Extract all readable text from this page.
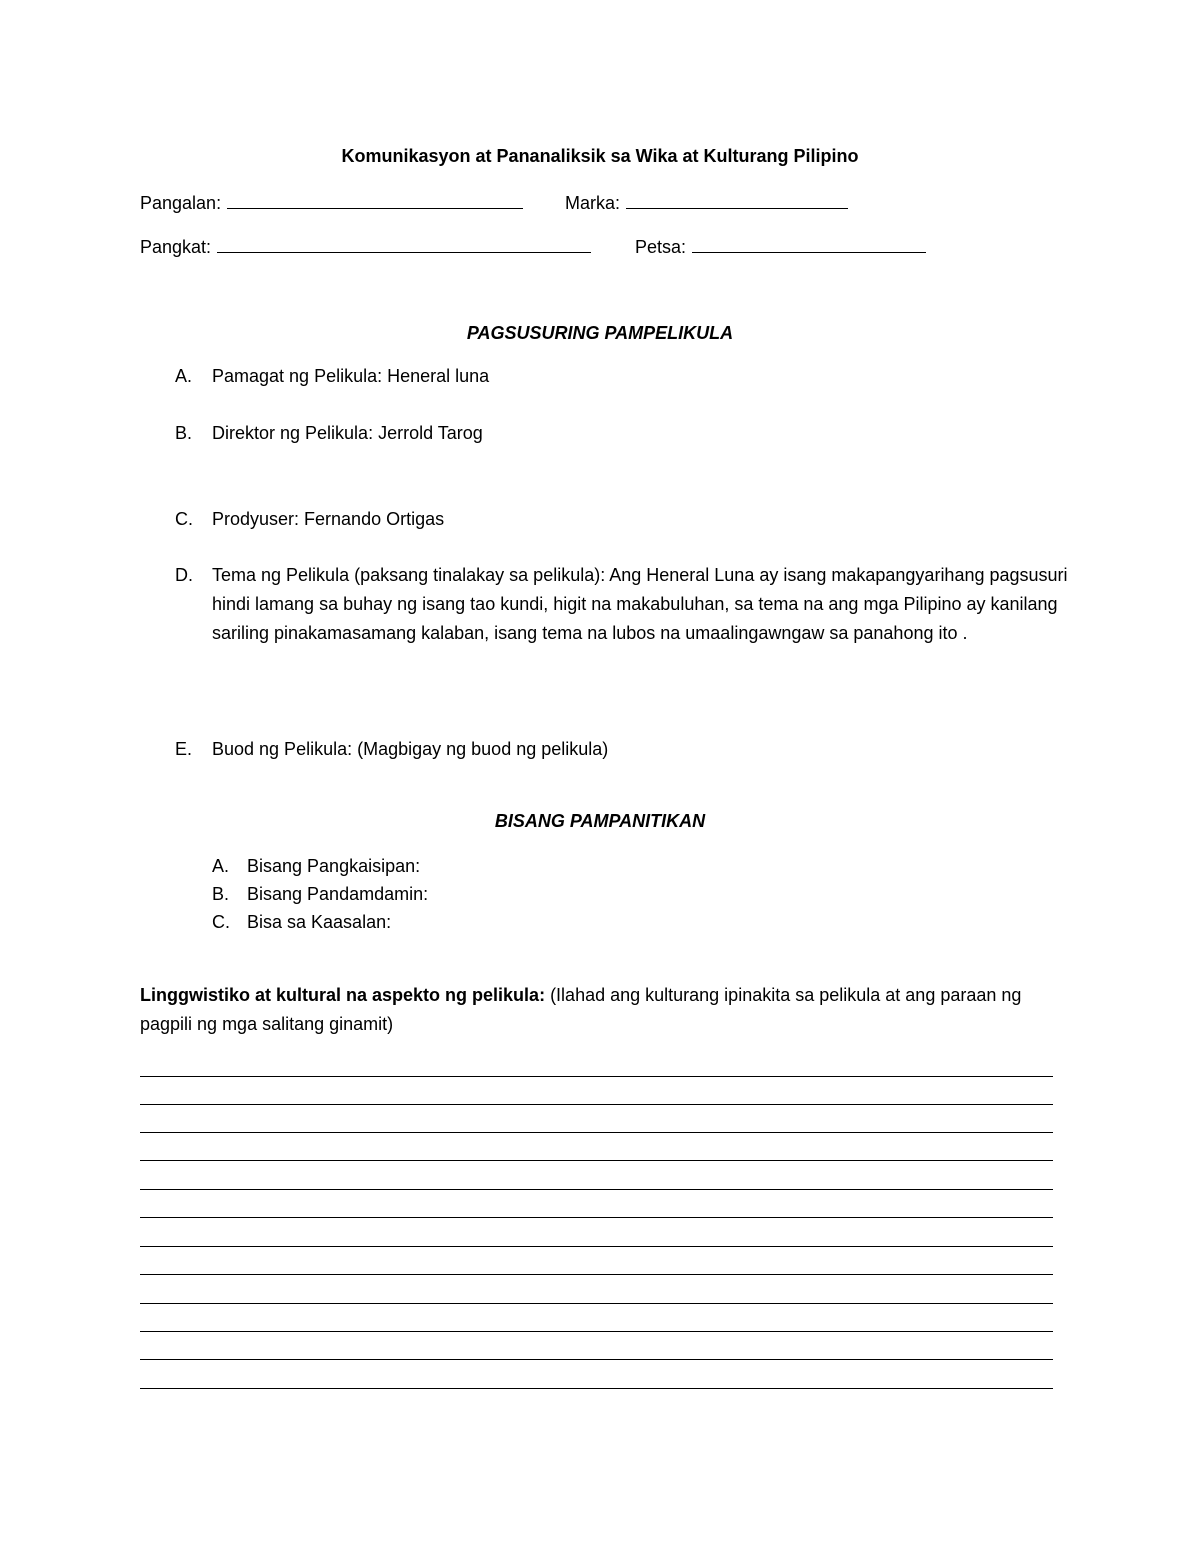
Komunikasyon at Pananaliksik sa Wika at Kulturang Pilipino
Pangalan:	Marka:
Pangkat:	Petsa:
PAGSUSURING PAMPELIKULA
A. Pamagat ng Pelikula: Heneral luna
B. Direktor ng Pelikula: Jerrold Tarog
C. Prodyuser: Fernando Ortigas
D.	Tema ng Pelikula (paksang tinalakay sa pelikula): Ang Heneral Luna ay isang makapangyarihang pagsusuri hindi lamang sa buhay ng isang tao kundi, higit na makabuluhan, sa tema na ang mga Pilipino ay kanilang sariling pinakamasamang kalaban, isang tema na lubos na umaalingawngaw sa panahong ito .
E. Buod ng Pelikula: (Magbigay ng buod ng pelikula)
BISANG PAMPANITIKAN
A. Bisang Pangkaisipan:
B. Bisang Pandamdamin:
C. Bisa sa Kaasalan:
Linggwistiko at kultural na aspekto ng pelikula: (Ilahad ang kulturang ipinakita sa pelikula at ang paraan ng pagpili ng mga salitang ginamit)
